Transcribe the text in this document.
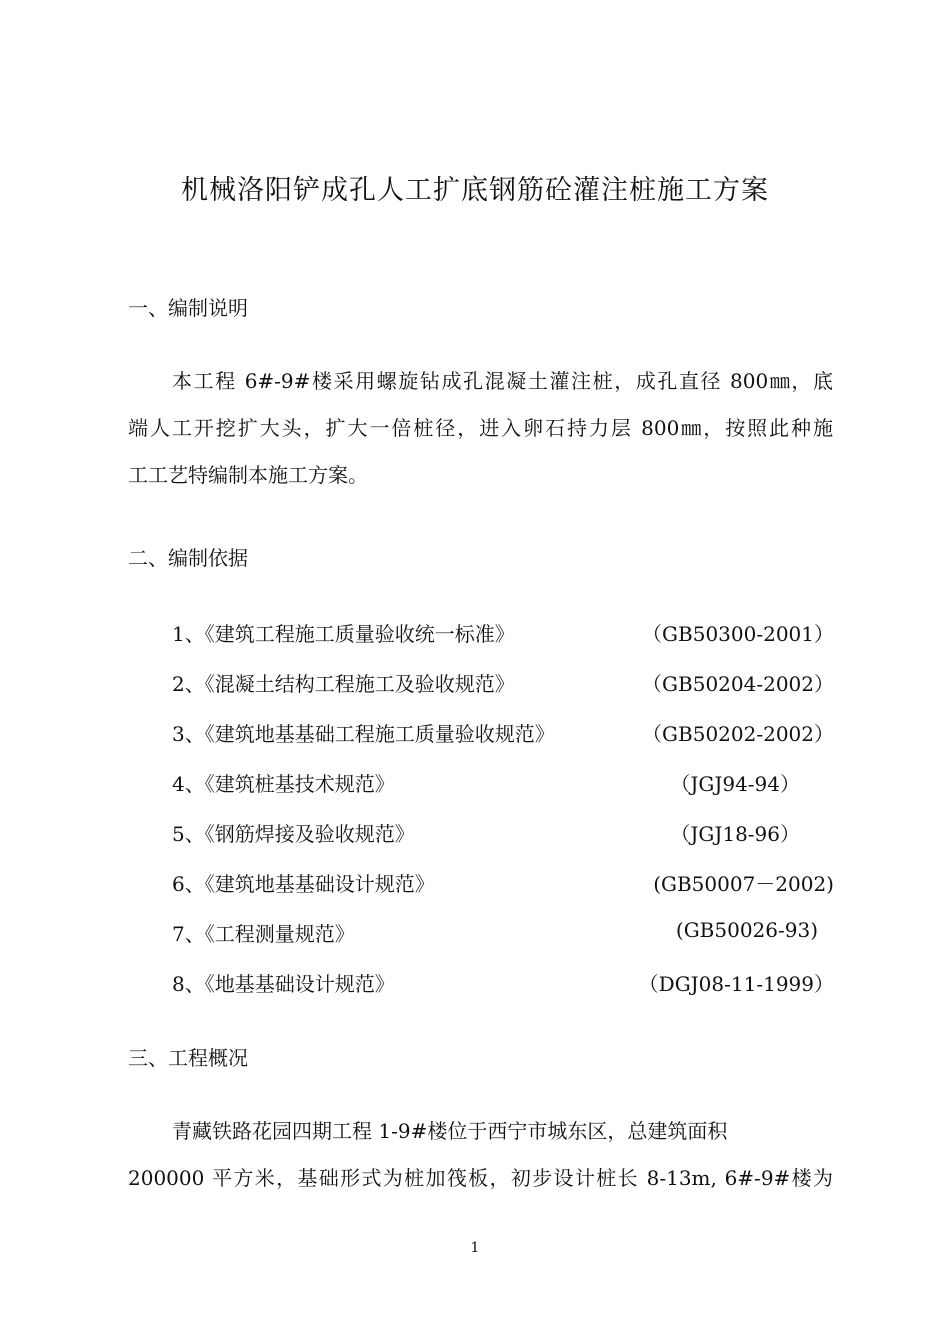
机械洛阳铲成孔人工扩底钢筋砼灌注桩施工方案
一、编制说明
本工程 6#-9#楼采用螺旋钻成孔混凝土灌注桩，成孔直径 800㎜，底
端人工开挖扩大头，扩大一倍桩径，进入卵石持力层 800㎜，按照此种施
工工艺特编制本施工方案。
二、编制依据
1、《建筑工程施工质量验收统一标准》	（GB50300-2001）
2、《混凝土结构工程施工及验收规范》	（GB50204-2002）
3、《建筑地基基础工程施工质量验收规范》	（GB50202-2002）
4、《建筑桩基技术规范》	（JGJ94-94）
5、《钢筋焊接及验收规范》	（JGJ18-96）
6、《建筑地基基础设计规范》	(GB50007－2002)
7、《工程测量规范》	(GB50026-93)
8、《地基基础设计规范》	（DGJ08-11-1999）
三、工程概况
青藏铁路花园四期工程 1-9#楼位于西宁市城东区，总建筑面积
200000 平方米，基础形式为桩加筏板，初步设计桩长 8-13m, 6#-9#楼为
1
